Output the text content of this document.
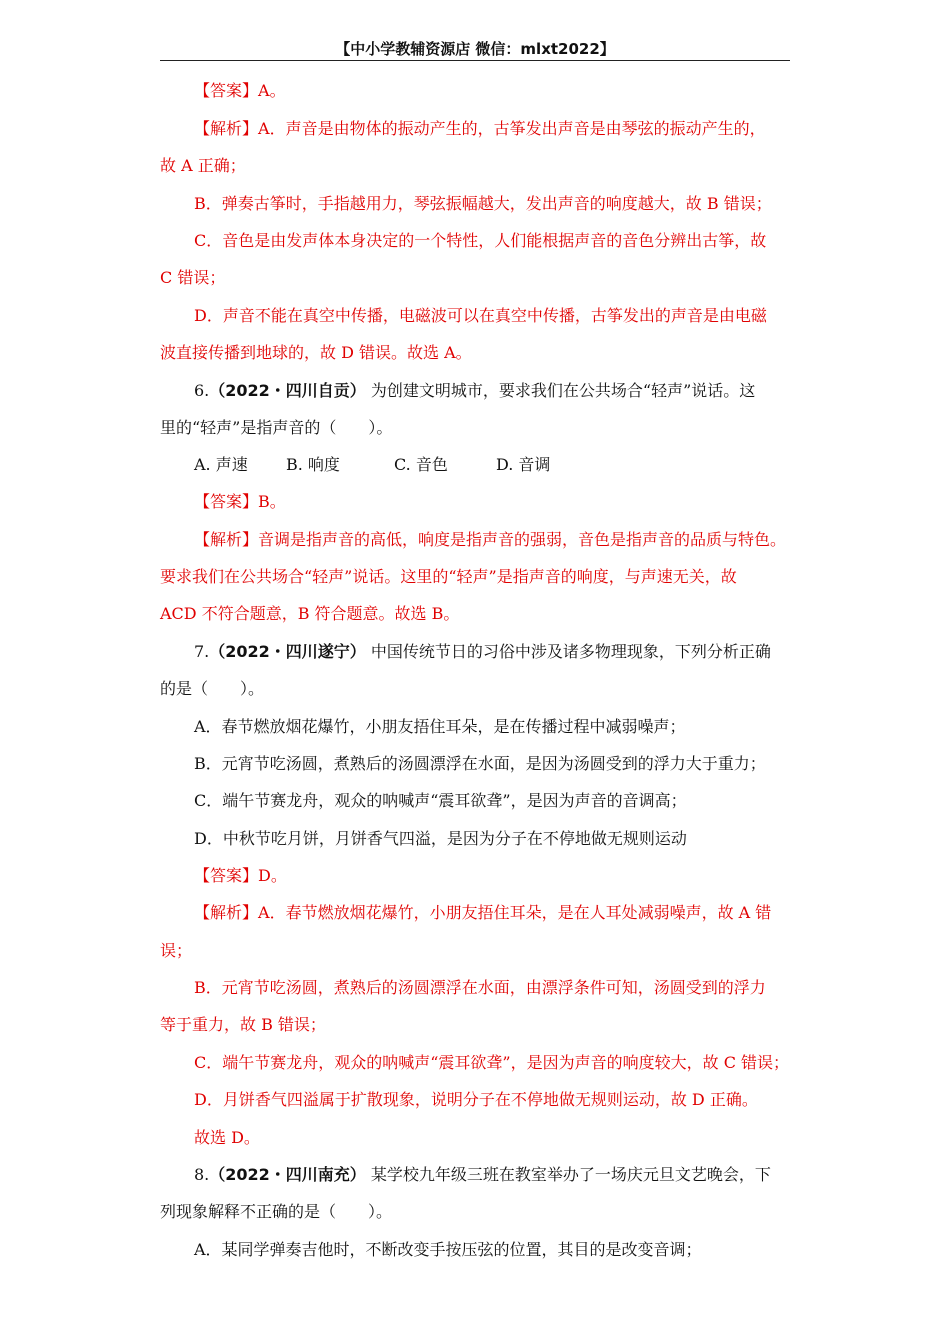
【中小学教辅资源店 微信：mlxt2022】
【答案】A。
【解析】A．声音是由物体的振动产生的，古筝发出声音是由琴弦的振动产生的，
故 A 正确；
B．弹奏古筝时，手指越用力，琴弦振幅越大，发出声音的响度越大，故 B 错误；
C．音色是由发声体本身决定的一个特性，人们能根据声音的音色分辨出古筝，故
C 错误；
D．声音不能在真空中传播，电磁波可以在真空中传播，古筝发出的声音是由电磁
波直接传播到地球的，故 D 错误。故选 A。
6.（2022・四川自贡） 为创建文明城市，要求我们在公共场合“轻声”说话。这
里的“轻声”是指声音的（　　）。
A. 声速 B. 响度	C. 音色	D. 音调
【答案】B。
【解析】音调是指声音的高低，响度是指声音的强弱，音色是指声音的品质与特色。
要求我们在公共场合“轻声”说话。这里的“轻声”是指声音的响度，与声速无关，故
ACD 不符合题意，B 符合题意。故选 B。
7.（2022・四川遂宁） 中国传统节日的习俗中涉及诸多物理现象，下列分析正确
的是（　　）。
A．春节燃放烟花爆竹，小朋友捂住耳朵，是在传播过程中减弱噪声；
B．元宵节吃汤圆，煮熟后的汤圆漂浮在水面，是因为汤圆受到的浮力大于重力；
C．端午节赛龙舟，观众的呐喊声“震耳欲聋”，是因为声音的音调高；
D．中秋节吃月饼，月饼香气四溢，是因为分子在不停地做无规则运动
【答案】D。
【解析】A．春节燃放烟花爆竹，小朋友捂住耳朵，是在人耳处减弱噪声，故 A 错
误；
B．元宵节吃汤圆，煮熟后的汤圆漂浮在水面，由漂浮条件可知，汤圆受到的浮力
等于重力，故 B 错误；
C．端午节赛龙舟，观众的呐喊声“震耳欲聋”，是因为声音的响度较大，故 C 错误；
D．月饼香气四溢属于扩散现象，说明分子在不停地做无规则运动，故 D 正确。
故选 D。
8.（2022・四川南充） 某学校九年级三班在教室举办了一场庆元旦文艺晚会，下
列现象解释不正确的是（　　）。
A．某同学弹奏吉他时，不断改变手按压弦的位置，其目的是改变音调；
